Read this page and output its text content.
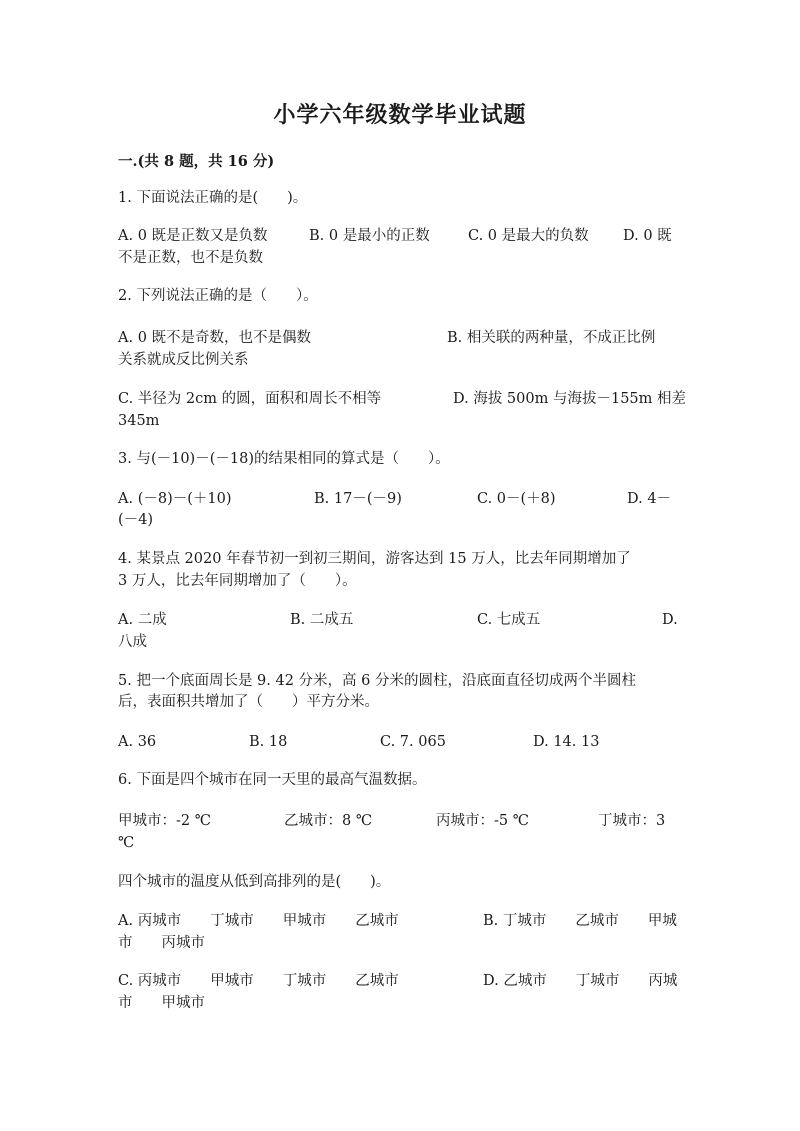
小学六年级数学毕业试题
一.(共 8 题，共 16 分)
1. 下面说法正确的是(　　)。
A. 0 既是正数又是负数	B. 0 是最小的正数	C. 0 是最大的负数 D. 0 既
不是正数，也不是负数
2. 下列说法正确的是（　　）。
A. 0 既不是奇数，也不是偶数	B. 相关联的两种量，不成正比例
关系就成反比例关系
C. 半径为 2cm 的圆，面积和周长不相等	D. 海拔 500m 与海拔－155m 相差
345m
3. 与(－10)－(－18)的结果相同的算式是（　　）。
A. (－8)－(＋10)	B. 17－(－9)	C. 0－(＋8)	D. 4－
(－4)
4. 某景点 2020 年春节初一到初三期间，游客达到 15 万人，比去年同期增加了
3 万人，比去年同期增加了（　　）。
A. 二成	B. 二成五	C. 七成五	D.
八成
5. 把一个底面周长是 9. 42 分米，高 6 分米的圆柱，沿底面直径切成两个半圆柱
后，表面积共增加了（　　）平方分米。
A. 36	B. 18	C. 7. 065	D. 14. 13
6. 下面是四个城市在同一天里的最高气温数据。
甲城市：-2 ℃	乙城市：8 ℃	丙城市：-5 ℃	丁城市：3
℃
四个城市的温度从低到高排列的是(　　)。
A. 丙城市　　丁城市　　甲城市　　乙城市	B. 丁城市　　乙城市　　甲城
市　　丙城市
C. 丙城市　　甲城市　　丁城市　　乙城市	D. 乙城市　　丁城市　　丙城
市　　甲城市
